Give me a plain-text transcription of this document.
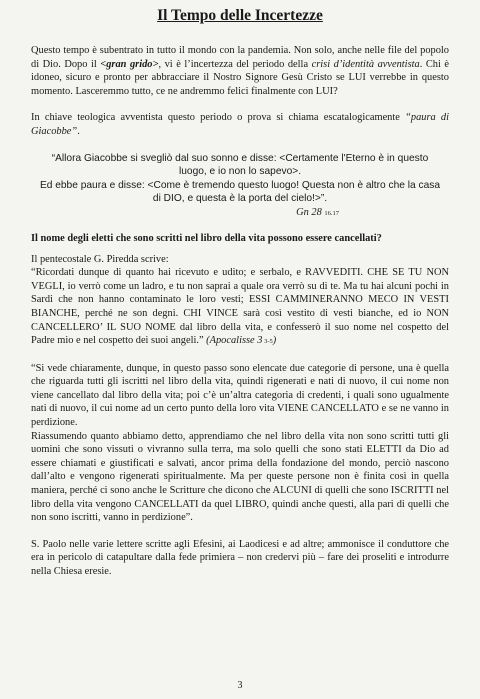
Il Tempo delle Incertezze

Questo tempo è subentrato in tutto il mondo con la pandemia. Non solo, anche nelle file del popolo di Dio. Dopo il <gran grido>, vi è l’incertezza del periodo della crisi d’identità avventista. Chi è idoneo, sicuro e pronto per abbracciare il Nostro Signore Gesù Cristo se LUI verrebbe in questo momento. Lasceremmo tutto, ce ne andremmo felici finalmente con LUI?

In chiave teologica avventista questo periodo o prova si chiama escatalogicamente “paura di Giacobbe”.

“Allora Giacobbe si svegliò dal suo sonno e disse: <Certamente l'Eterno è in questo luogo, e io non lo sapevo>.

Ed ebbe paura e disse: <Come è tremendo questo luogo! Questa non è altro che la casa di DIO, e questa è la porta del cielo!>”.

Gn 28 16.17

Il nome degli eletti che sono scritti nel libro della vita possono essere cancellati?

Il pentecostale G. Piredda scrive:

“Ricordati dunque di quanto hai ricevuto e udito; e serbalo, e RAVVEDITI. CHE SE TU NON VEGLI, io verrò come un ladro, e tu non saprai a quale ora verrò su di te. Ma tu hai alcuni pochi in Sardi che non hanno contaminato le loro vesti; ESSI CAMMINERANNO MECO IN VESTI BIANCHE, perché ne son degni. CHI VINCE sarà così vestito di vesti bianche, ed io NON CANCELLERO’ IL SUO NOME dal libro della vita, e confesserò il suo nome nel cospetto del Padre mio e nel cospetto dei suoi angeli.” (Apocalisse 3 3-5)

“Si vede chiaramente, dunque, in questo passo sono elencate due categorie di persone, una è quella che riguarda tutti gli iscritti nel libro della vita, quindi rigenerati e nati di nuovo, il cui nome non viene cancellato dal libro della vita; poi c’è un’altra categoria di credenti, i quali sono ugualmente nati di nuovo, il cui nome ad un certo punto della loro vita VIENE CANCELLATO e se ne vanno in perdizione.

Riassumendo quanto abbiamo detto, apprendiamo che nel libro della vita non sono scritti tutti gli uomini che sono vissuti o vivranno sulla terra, ma solo quelli che sono stati ELETTI da Dio ad essere chiamati e giustificati e salvati, ancor prima della fondazione del mondo, perciò nascono dall’alto e vengono rigenerati spiritualmente. Ma per queste persone non è finita così in quella maniera, perché ci sono anche le Scritture che dicono che ALCUNI di quelli che sono ISCRITTI nel libro della vita vengono CANCELLATI da quel LIBRO, quindi anche questi, alla pari di quelli che non sono iscritti, vanno in perdizione”.

S. Paolo nelle varie lettere scritte agli Efesini, ai Laodicesi e ad altre; ammonisce il conduttore che era in pericolo di catapultare dalla fede primiera – non credervi più – fare dei proseliti e introdurre nella Chiesa eresie.

3
